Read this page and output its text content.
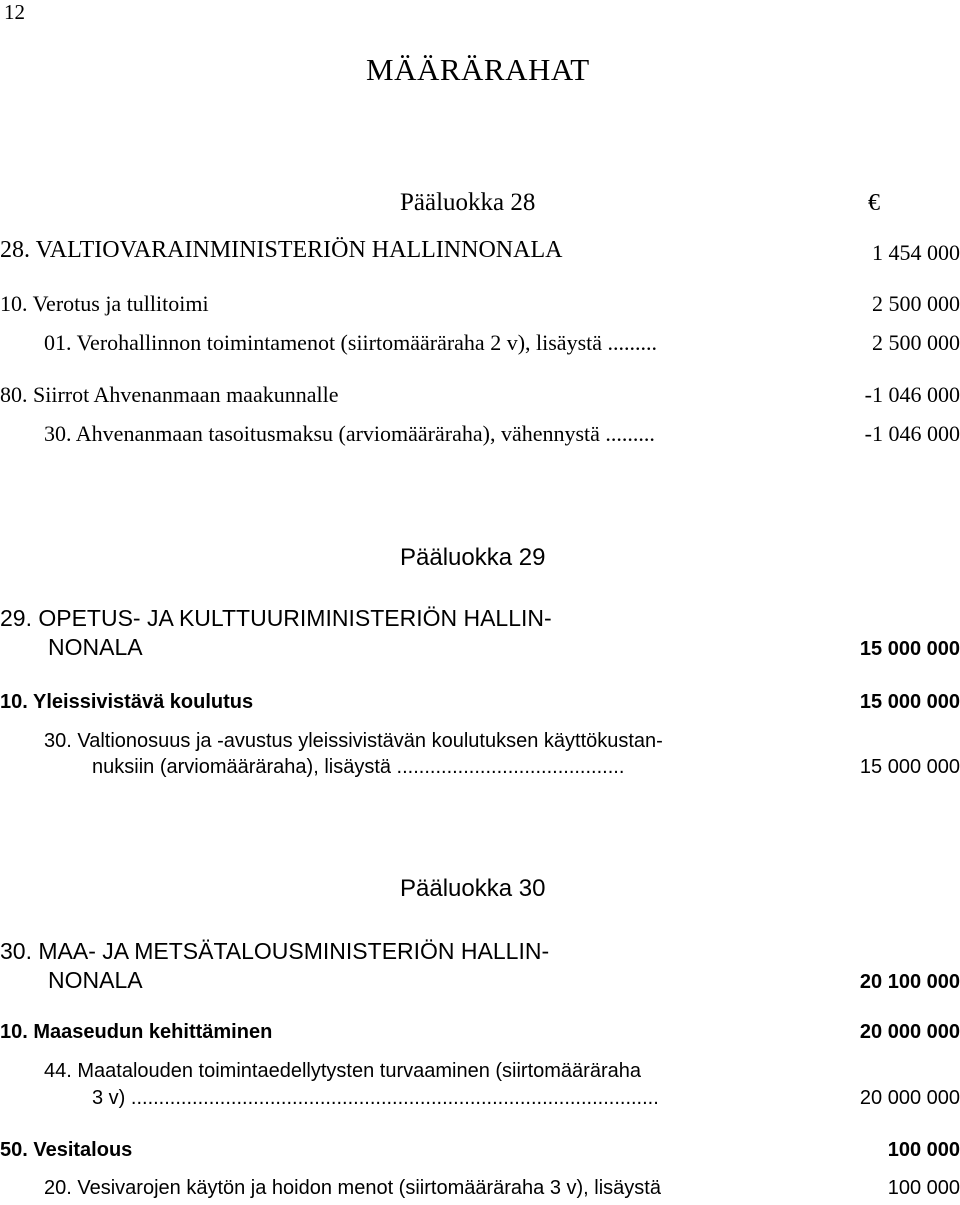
12
MÄÄRÄRAHAT
Pääluokka 28	€
28. VALTIOVARAINMINISTERIÖN HALLINNONALA	1 454 000
10. Verotus ja tullitoimi	2 500 000
01. Verohallinnon toimintamenot (siirtomääräraha 2 v), lisäystä .........	2 500 000
80. Siirrot Ahvenanmaan maakunnalle	-1 046 000
30. Ahvenanmaan tasoitusmaksu (arviomääräraha), vähennystä .........	-1 046 000
Pääluokka 29
29. OPETUS- JA KULTTUURIMINISTERIÖN HALLIN-
NONALA	15 000 000
10. Yleissivistävä koulutus	15 000 000
30. Valtionosuus ja -avustus yleissivistävän koulutuksen käyttökustan-
nuksiin (arviomääräraha), lisäystä .........................................	15 000 000
Pääluokka 30
30. MAA- JA METSÄTALOUSMINISTERIÖN HALLIN-
NONALA	20 100 000
10. Maaseudun kehittäminen	20 000 000
44. Maatalouden toimintaedellytysten turvaaminen (siirtomääräraha
3 v) ...............................................................................................	20 000 000
50. Vesitalous	100 000
20. Vesivarojen käytön ja hoidon menot (siirtomääräraha 3 v), lisäystä	100 000
